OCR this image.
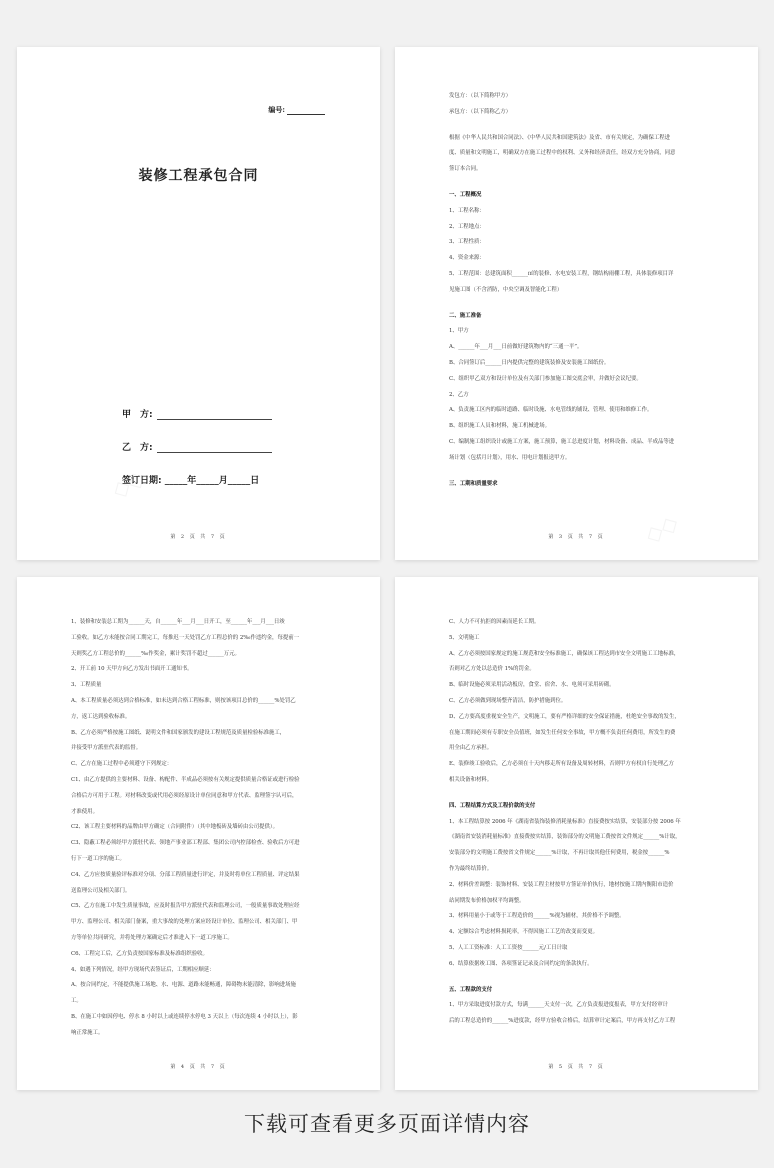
编号:
装修工程承包合同
甲　方:
乙　方:
签订日期: _____年_____月_____日
第 2 页 共 7 页
发包方：（以下简称甲方）
承包方：（以下简称乙方）
根据《中华人民共和国合同法》、《中华人民共和国建筑法》及省、市有关规定，为确保工程进
度、质量和文明施工，明确双方在施工过程中的权利、义务和经济责任，经双方充分协商，同意
签订本合同。
一、工程概况
1、工程名称：
2、工程地点：
3、工程性质：
4、资金来源：
5、工程范围：总建筑面积______㎡的装修、水电安装工程，钢结构雨棚工程，具体装修项目详
见施工图（不含消防，中央空调及智能化工程）
二、施工准备
1、甲方
A、______年___月___日前做好建筑物内的“三通一平”。
B、合同签订后______日内提供完整的建筑装修及安装施工图纸份。
C、组织甲乙双方和设计单位及有关部门参加施工图交底会审，并做好会议纪要。
2、乙方
A、负责施工区内的临时道路、临时设施、水电管线的铺设、管理、使用和维修工作。
B、组织施工人员和材料，施工机械进场。
C、编制施工组织设计或施工方案，施工预算，施工总进度计划，材料设备、成品、半成品等进
场计划（包括月计划），用水、用电计划报送甲方。
三、工期和质量要求
第 3 页 共 7 页
1、装修和安装总工期为______天，自______年___月___日开工，至______年___月___日竣
工验收。如乙方未能按合同工期完工，每推迟一天处罚乙方工程总价的 2‰作违约金，每提前一
天则奖乙方工程总价的______‰作奖金，累计奖罚不超过______万元。
2、开工前 10 天甲方向乙方发出书面开工通知书。
3、工程质量
A、本工程质量必须达到合格标准，如未达到合格工程标准，则按该项目总价的______%处罚乙
方，返工达到验收标准。
B、乙方必须严格按施工图纸、说明文件和国家颁发的建设工程规范及质量检验标准施工，
并接受甲方派驻代表的监督。
C、乙方在施工过程中必须遵守下列规定：
C1、由乙方提供的主要材料、设备、构配件、半成品必须按有关规定提供质量合格证或进行检验
合格后方可用于工程。对材料改变或代用必须经原设计单位同意和甲方代表、监理签字认可后，
才准使用。
C2、该工程主要材料的品牌由甲方确定（合同附件）（其中地板砖及墙砖由公司提供）。
C3、隐蔽工程必须经甲方派驻代表、领地产事业部工程部、集团公司内控部检查、验收后方可进
行下一道工序的施工。
C4、乙方应按质量验评标准对分项、分部工程质量进行评定，并及时将单位工程质量、评定结果
送监理公司及相关部门。
C5、乙方在施工中发生质量事故，应及时报告甲方派驻代表和监理公司，一般质量事故处理应经
甲方、监理公司、相关部门备案，重大事故的处理方案应经设计单位、监理公司、相关部门、甲
方等单位共同研究，并将处理方案确定后才准进入下一道工序施工。
C6、工程完工后，乙方负责按国家标准及标准组织验收。
4、如遇下列情况，经甲方现场代表签证后，工期相应顺延：
A、按合同约定，不能提供施工场地、水、电源、道路未能畅通，障碍物未能清除，影响进场施
工。
B、在施工中如因停电、停水 8 小时以上或连续停水停电 3 天以上（每次连续 4 小时以上），影
响正常施工。
第 4 页 共 7 页
C、人力不可抗拒的因素而延长工期。
5、文明施工
A、乙方必须按国家规定的施工规范和安全标准施工，确保该工程达到市安全文明施工工地标准，
否则对乙方处以总造价 1%的罚金。
B、临时设施必须采用活动板房，食堂、宿舍、水、电须可采用砖砌。
C、乙方必须做到现场整齐清洁，防护措施到位。
D、乙方要高度重视安全生产，文明施工，要有严格详细的安全保证措施，杜绝安全事故的发生，
在施工期间必须有专职安全员值班，如发生任何安全事故，甲方概不负责任何费用，所发生的费
用全由乙方承担。
E、装修竣工验收后，乙方必须在十天内移走所有设备及周转材料，否则甲方有权自行处理乙方
相关设备和材料。
四、工程结算方式及工程价款的支付
1、本工程结算按 2006 年《湖南省装饰装修消耗量标准》直接费按实结算，安装部分按 2006 年
《湖南省安装消耗量标准》直接费按实结算，装饰部分的文明施工费按省文件规定______%计取，
安装部分的文明施工费按省文件规定______%计取，不再计取其他任何费用，税金按______%
作为最终结算价。
2、材料价差调整：装饰材料、安装工程主材按甲方签证单价执行，地材按施工期内衡阳市造价
站同期发布价格加权平均调整。
3、材料用量小于或等于工程造价的______%视为辅材，其价格不予调整。
4、定额综合考虑材料损耗率，不得因施工工艺的改变而变更。
5、人工工资标准：人工工资按______元/工日计取
6、结算依据竣工图、各项签证记录及合同约定的条款执行。
五、工程款的支付
1、甲方采取进度付款方式，每满______天支付一次，乙方负责报进度报表，甲方支付经审计
后的工程总造价的______%进度款，经甲方验收合格后，结算审计定案后，甲方再支付乙方工程
第 5 页 共 7 页
下载可查看更多页面详情内容
